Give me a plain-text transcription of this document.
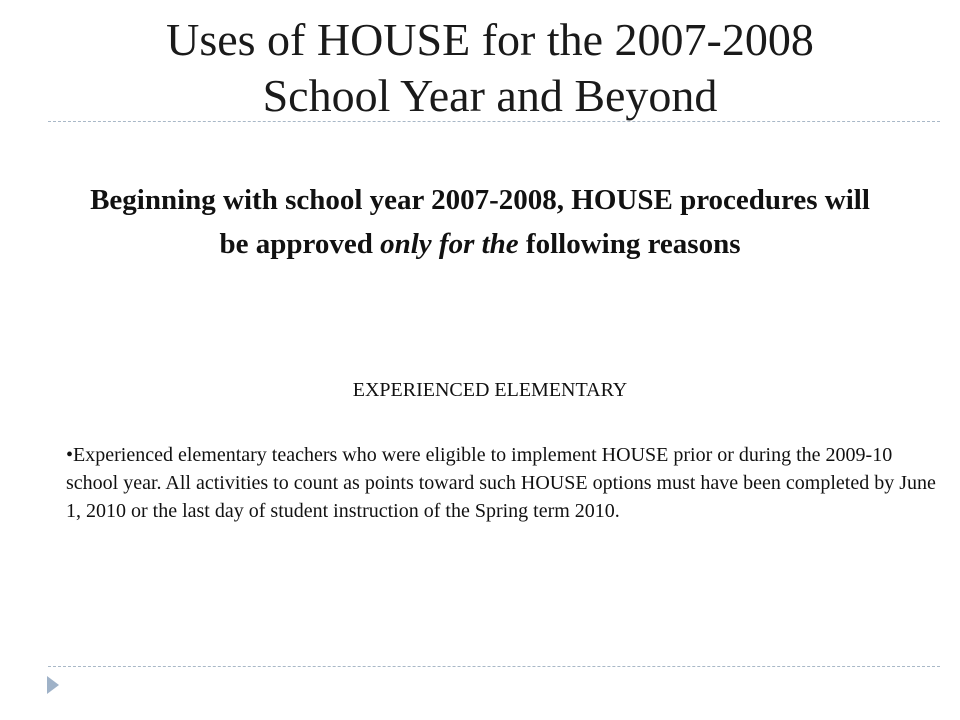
Uses of HOUSE for the 2007-2008
School Year and Beyond
Beginning with school year 2007-2008, HOUSE procedures will be approved only for the following reasons
EXPERIENCED ELEMENTARY
•Experienced elementary teachers who were eligible to implement HOUSE prior or during the 2009-10 school year. All activities to count as points toward such HOUSE options must have been completed by June 1, 2010 or the last day of student instruction of the Spring term 2010.
